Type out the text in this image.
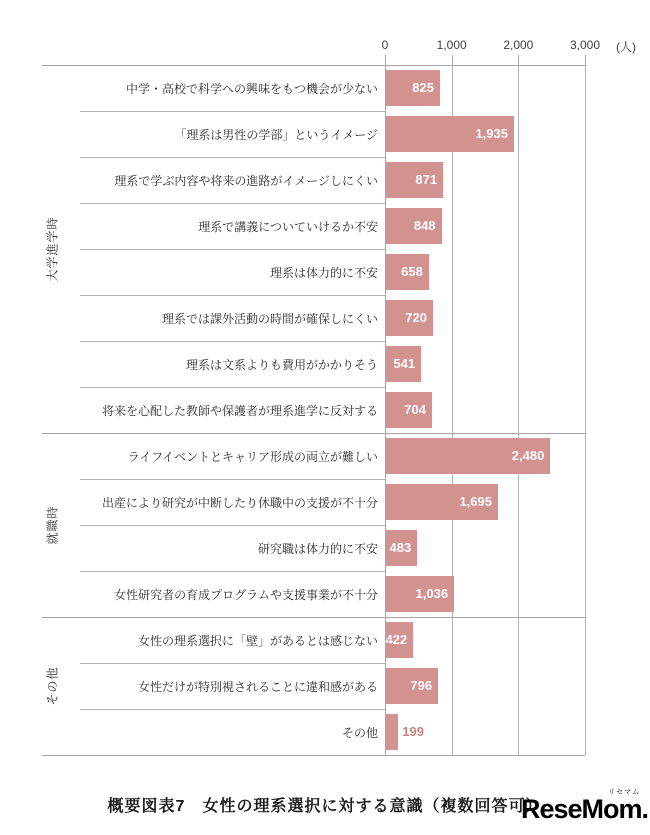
0	1,000	2,000	3,000	(人)
中学・高校で科学への興味をもつ機会が少ない	825
「理系は男性の学部」というイメージ	1,935
理系で学ぶ内容や将来の進路がイメージしにくい	871
理系で講義についていけるか不安	848
理系は体力的に不安 658
理系では課外活動の時間が確保しにくい 720
理系は文系よりも費用がかかりそう 541
将来を心配した教師や保護者が理系進学に反対する 704
大学進学時
ライフイベントとキャリア形成の両立が難しい	2,480
出産により研究が中断したり休職中の支援が不十分	1,695
研究職は体力的に不安 483
女性研究者の育成プログラムや支援事業が不十分	1,036
就職時
女性の理系選択に「壁」があるとは感じない 422
女性だけが特別視されることに違和感がある 796
その他 199
その他
概要図表7　女性の理系選択に対する意識（複数回答可）
リセマム
ReseMom.
